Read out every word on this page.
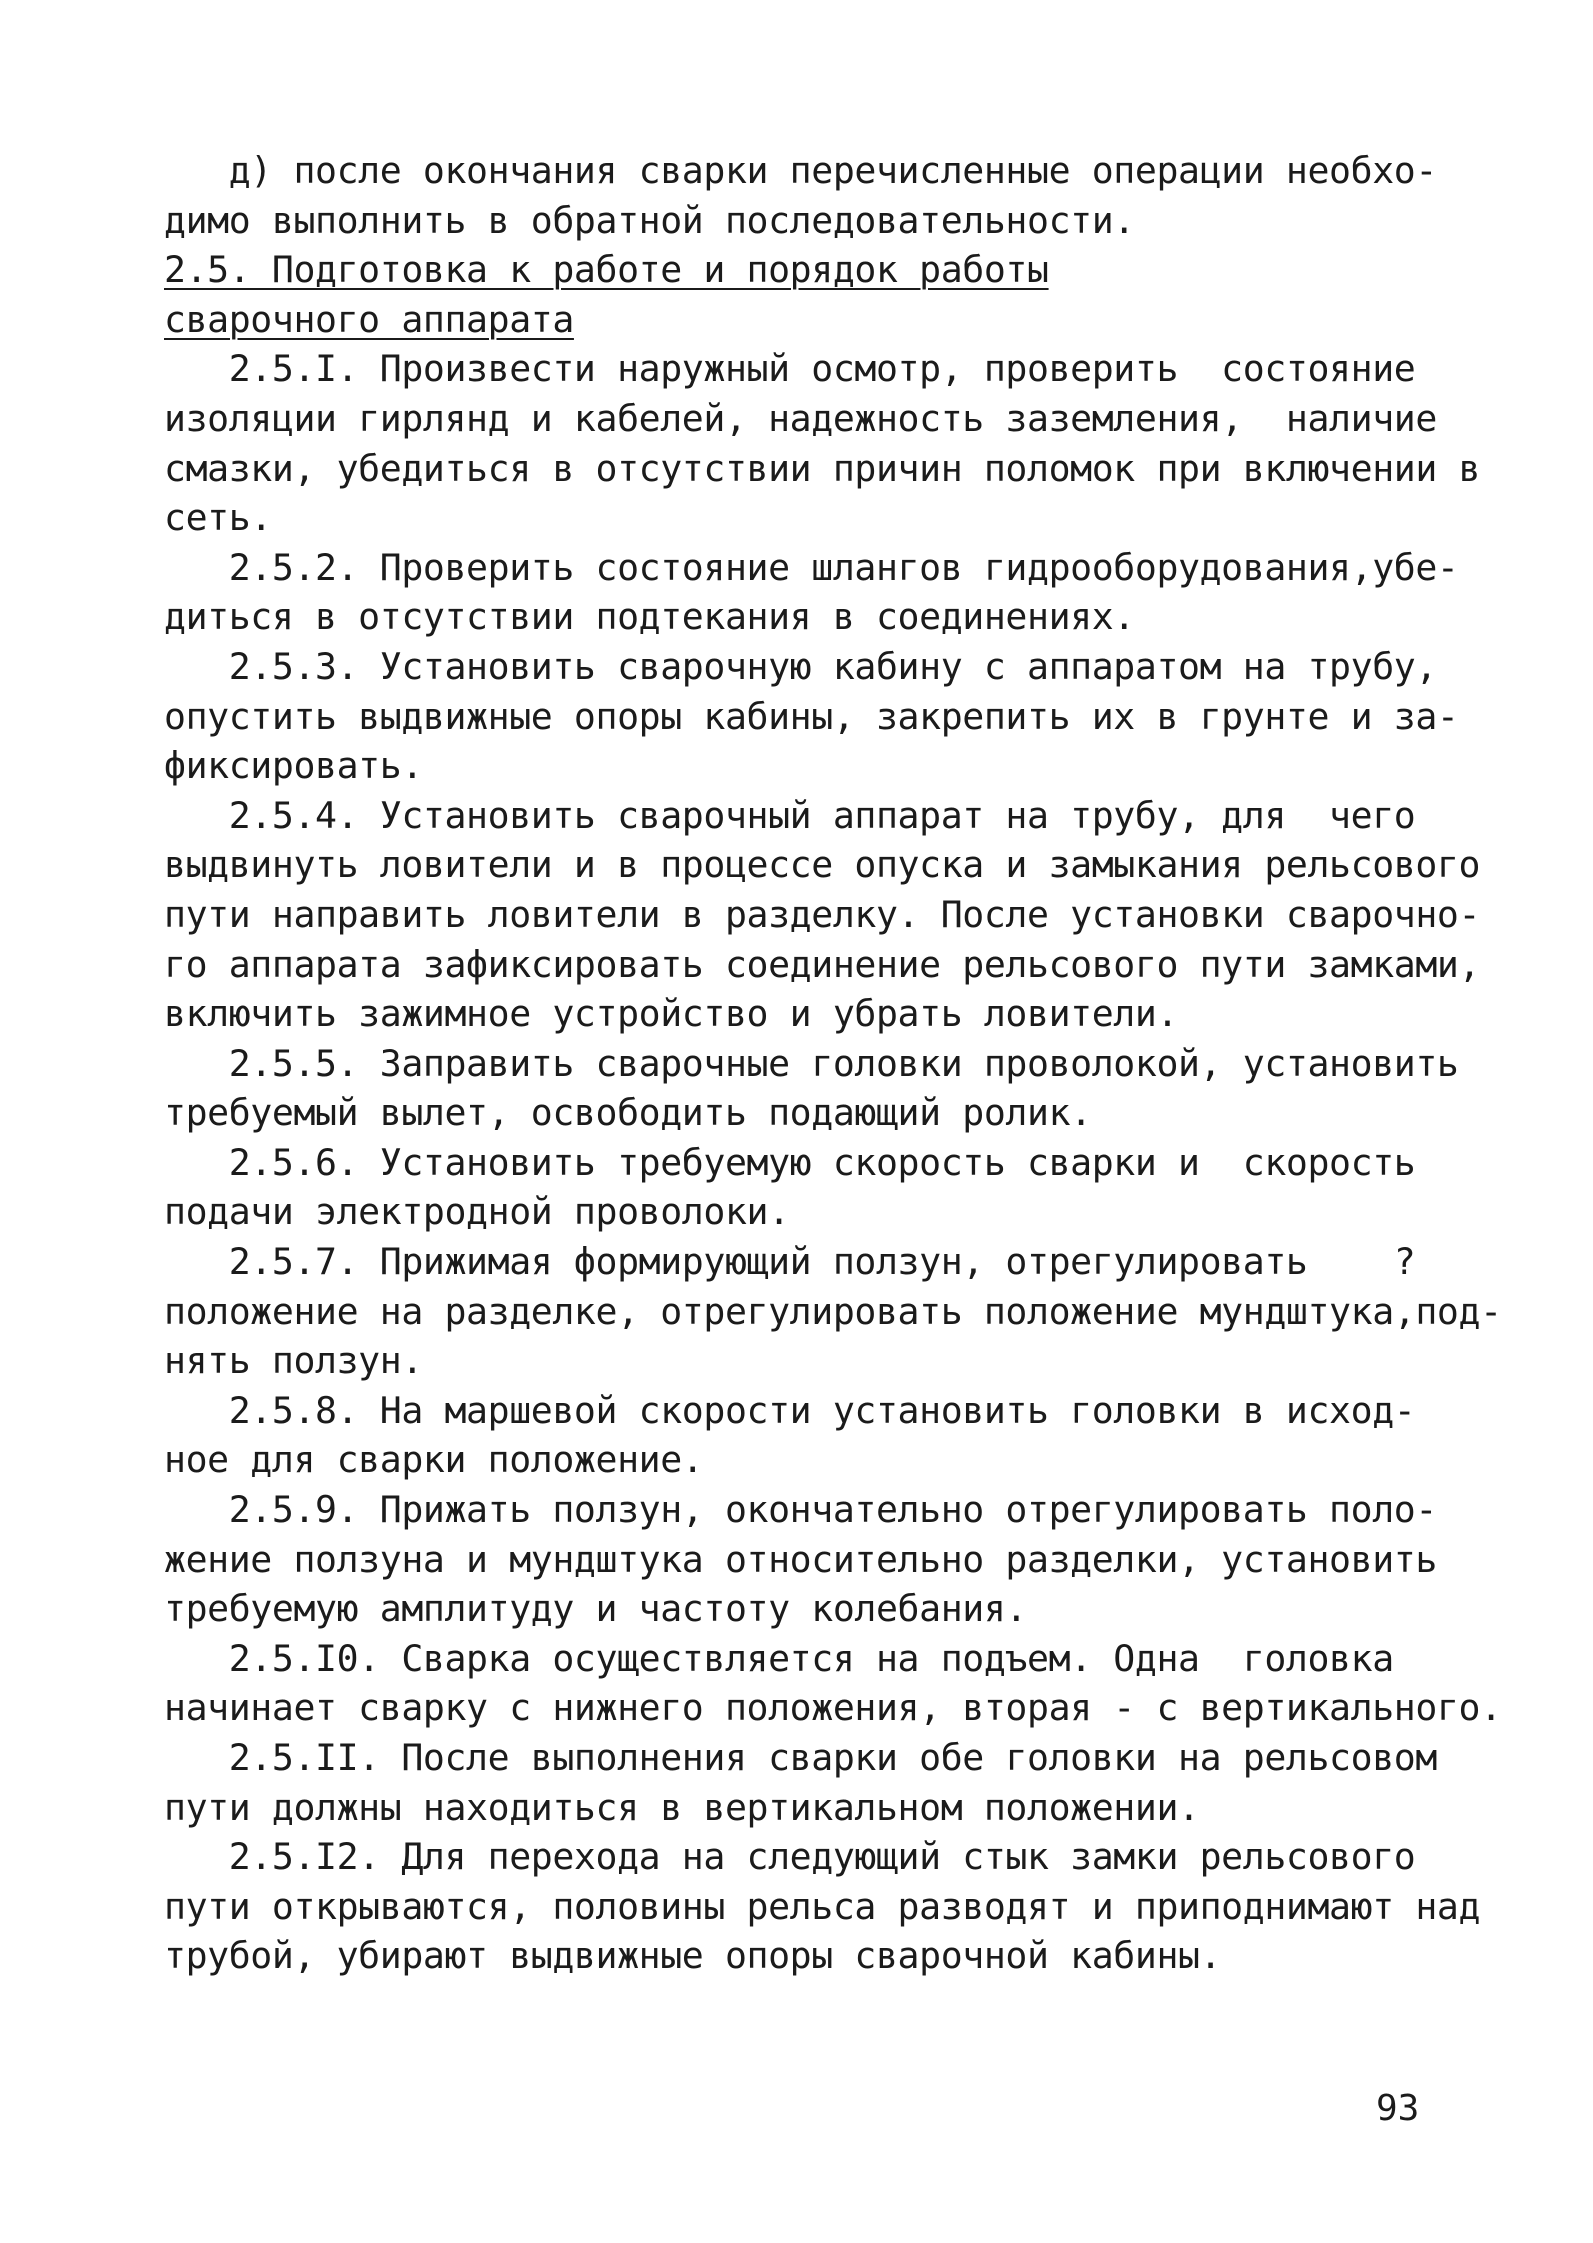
д) после окончания сварки перечисленные операции необхо-
димо выполнить в обратной последовательности.
2.5. Подготовка к работе и порядок работы
сварочного аппарата
2.5.I. Произвести наружный осмотр, проверить  состояние
изоляции гирлянд и кабелей, надежность заземления,  наличие
смазки, убедиться в отсутствии причин поломок при включении в
сеть.
2.5.2. Проверить состояние шлангов гидрооборудования,убе-
диться в отсутствии подтекания в соединениях.
2.5.3. Установить сварочную кабину с аппаратом на трубу,
опустить выдвижные опоры кабины, закрепить их в грунте и за-
фиксировать.
2.5.4. Установить сварочный аппарат на трубу, для  чего
выдвинуть ловители и в процессе опуска и замыкания рельсового
пути направить ловители в разделку. После установки сварочно-
го аппарата зафиксировать соединение рельсового пути замками,
включить зажимное устройство и убрать ловители.
2.5.5. Заправить сварочные головки проволокой, установить
требуемый вылет, освободить подающий ролик.
2.5.6. Установить требуемую скорость сварки и  скорость
подачи электродной проволоки.
2.5.7. Прижимая формирующий ползун, отрегулировать    ?
положение на разделке, отрегулировать положение мундштука,под-
нять ползун.
2.5.8. На маршевой скорости установить головки в исход-
ное для сварки положение.
2.5.9. Прижать ползун, окончательно отрегулировать поло-
жение ползуна и мундштука относительно разделки, установить
требуемую амплитуду и частоту колебания.
2.5.I0. Сварка осуществляется на подъем. Одна  головка
начинает сварку с нижнего положения, вторая - с вертикального.
2.5.II. После выполнения сварки обе головки на рельсовом
пути должны находиться в вертикальном положении.
2.5.I2. Для перехода на следующий стык замки рельсового
пути открываются, половины рельса разводят и приподнимают над
трубой, убирают выдвижные опоры сварочной кабины.
93
